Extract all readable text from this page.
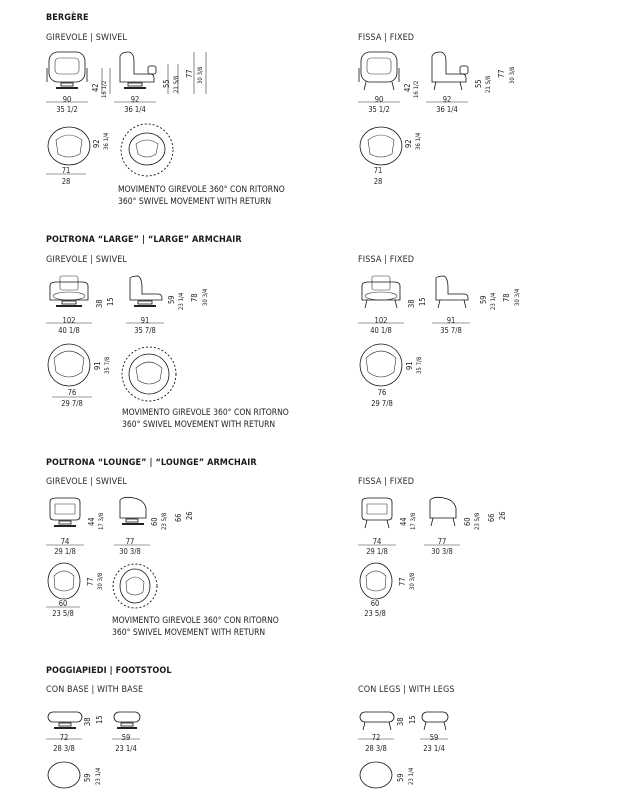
BERGÈRE
GIREVOLE | SWIVEL	FISSA | FIXED
42 16 1/2	55 21 5/8
77 30 3/8
90
35 1/2
92
36 1/4
92 36 1/4
71
28
MOVIMENTO GIREVOLE 360° CON RITORNO
360° SWIVEL MOVEMENT WITH RETURN
42 16 1/2	55 21 5/8
77 30 3/8
90
35 1/2
92
36 1/4
92 36 1/4
71
28
POLTRONA “LARGE” | “LARGE” ARMCHAIR
GIREVOLE | SWIVEL	FISSA | FIXED
38 15	59 23 1/4 78 30 3/4
102
40 1/8
91
35 7/8
91 35 7/8
76
29 7/8
MOVIMENTO GIREVOLE 360° CON RITORNO
360° SWIVEL MOVEMENT WITH RETURN
38 15	59 23 1/4 78 30 3/4
102
40 1/8
91
35 7/8
91 35 7/8
76
29 7/8
POLTRONA “LOUNGE” | “LOUNGE” ARMCHAIR
GIREVOLE | SWIVEL	FISSA | FIXED
44 17 3/8	60 23 5/8 66 26
74
29 1/8
77
30 3/8
77 30 3/8
60
23 5/8
MOVIMENTO GIREVOLE 360° CON RITORNO
360° SWIVEL MOVEMENT WITH RETURN
44 17 3/8	60 23 5/8 66 26
74
29 1/8
77
30 3/8
77 30 3/8
60
23 5/8
POGGIAPIEDI | FOOTSTOOL
CON BASE | WITH BASE	CON LEGS | WITH LEGS
38 15
72
28 3/8
59
23 1/4
59 23 1/4
38 15
72
28 3/8
59
23 1/4
59 23 1/4
